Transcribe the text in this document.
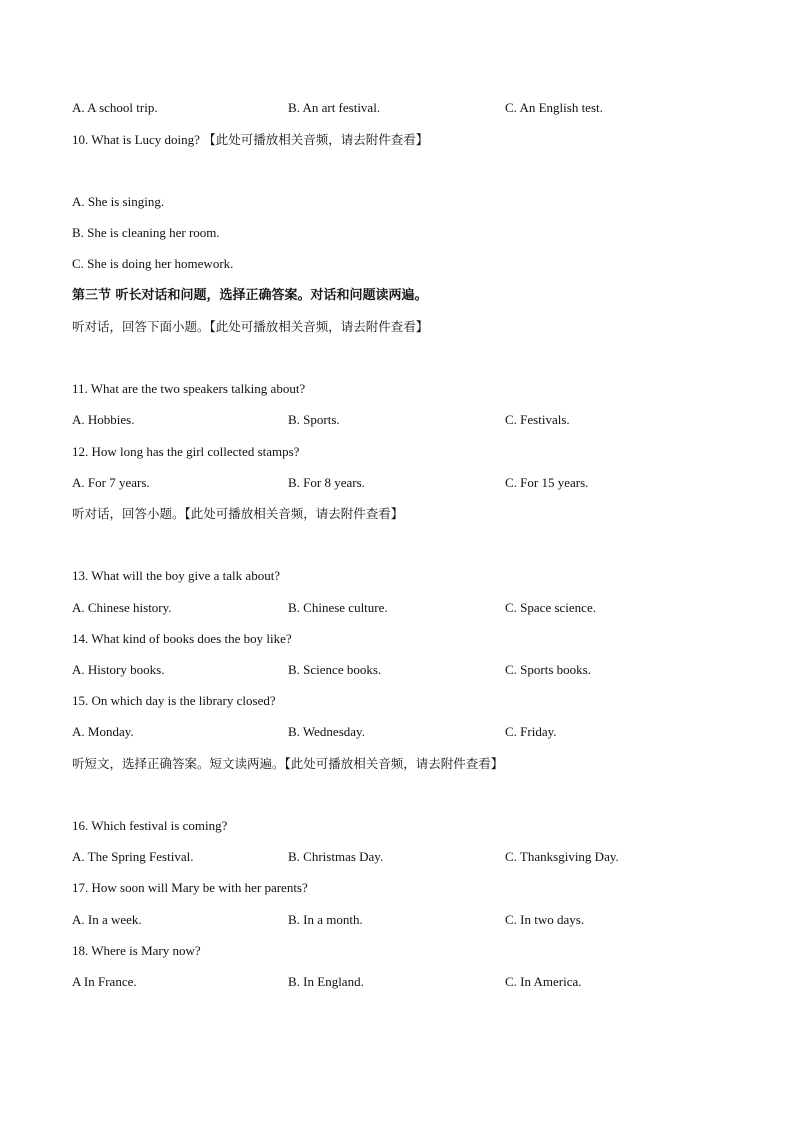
A. A school trip.	B. An art festival.	C. An English test.
10. What is Lucy doing? 【此处可播放相关音频，请去附件查看】
A. She is singing.
B. She is cleaning her room.
C. She is doing her homework.
第三节 听长对话和问题，选择正确答案。对话和问题读两遍。
听对话，回答下面小题。【此处可播放相关音频，请去附件查看】
11. What are the two speakers talking about?
A. Hobbies.	B. Sports.	C. Festivals.
12. How long has the girl collected stamps?
A. For 7 years.	B. For 8 years.	C. For 15 years.
听对话，回答小题。【此处可播放相关音频，请去附件查看】
13. What will the boy give a talk about?
A. Chinese history.	B. Chinese culture.	C. Space science.
14. What kind of books does the boy like?
A. History books.	B. Science books.	C. Sports books.
15. On which day is the library closed?
A. Monday.	B. Wednesday.	C. Friday.
听短文，选择正确答案。短文读两遍。【此处可播放相关音频，请去附件查看】
16. Which festival is coming?
A. The Spring Festival.	B. Christmas Day.	C. Thanksgiving Day.
17. How soon will Mary be with her parents?
A. In a week.	B. In a month.	C. In two days.
18. Where is Mary now?
A In France.	B. In England.	C. In America.
